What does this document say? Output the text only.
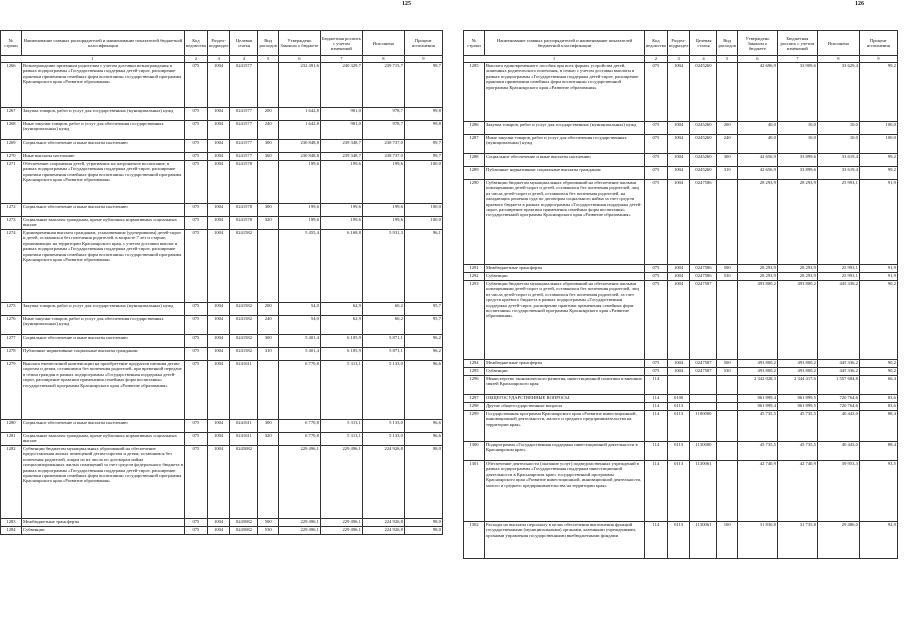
125
№ строки	Наименование главных распорядителей и наименование показателей бюджетной классификации	Код ведомства	Раздел-подраздел	Целевая статья	Вид расходов	Утверждено Законом о бюджете	Бюджетная роспись с учетом изменений	Исполнено	Процент исполнения
1		2	3	4	5	6	7	8	9
1266	Вознаграждение приемным родителям с учетом доставки вознаграждения в рамках подпрограммы «Государственная поддержка детей-сирот, расширение практики применения семейных форм воспитания» государственной программы Красноярского края «Развитие образования»	075	1004	0241577		232 491,6	240 329,7	239 715,7	99,7
1267	Закупка товаров, работ и услуг для государственных (муниципальных) нужд	075	1004	0241577	200	1 642,8	981,0	978,7	99,8
1268	Иные закупки товаров, работ и услуг для обеспечения государственных (муниципальных) нужд	075	1004	0241577	240	1 642,8	981,0	978,7	99,8
1269	Социальное обеспечение и иные выплаты населению	075	1004	0241577	300	230 848,8	239 348,7	238 737,0	99,7
1270	Иные выплаты населению	075	1004	0241577	360	230 848,8	239 348,7	238 737,0	99,7
1271	Обеспечение сохранения детей, утративших на патронатное воспитание, в рамках подпрограммы «Государственная поддержка детей-сирот, расширение практики применения семейных форм воспитания» государственной программы Красноярского края «Развитие образования»	075	1004	0241578		199,6	199,6	199,6	100,0
1272	Социальное обеспечение и иные выплаты населению	075	1004	0241578	300	199,6	199,6	199,6	100,0
1273	Социальные выплаты гражданам, кроме публичных нормативных социальных выплат	075	1004	0241578	320	199,6	199,6	199,6	100,0
1274	Единовременная выплата гражданам, усыновившим (удочерившим) детей-сирот и детей, оставшихся без попечения родителей, в возрасте 7 лет и старше, проживающих на территории Красноярского края, с учетом доставки выплат в рамках подпрограммы «Государственная поддержка детей-сирот, расширение практики применения семейных форм воспитания» государственной программы Красноярского края «Развитие образования»	075	1004	0241582		5 455,4	6 168,8	5 931,3	96,1
1275	Закупка товаров, работ и услуг для государственных (муниципальных) нужд	075	1004	0241582	200	54,0	62,9	60,2	95,7
1276	Иные закупки товаров, работ и услуг для обеспечения государственных (муниципальных) нужд	075	1004	0241582	240	54,0	62,9	60,2	95,7
1277	Социальное обеспечение и иные выплаты населению	075	1004	0241582	300	5 401,4	6 105,9	5 871,1	96,2
1278	Публичные нормативные социальные выплаты гражданам	075	1004	0241582	310	5 401,4	6 105,9	5 871,1	96,2
1279	Выплата ежемесячной компенсации на приобретение продуктов питания детям-сиротам и детям, оставшимся без попечения родителей, при временной передаче в семьи граждан в рамках подпрограммы «Государственная поддержка детей-сирот, расширение практики применения семейных форм воспитания» государственной программы Красноярского края «Развитие образования»	075	1004	0241611		6 770,8	5 313,1	5 133,0	96,6
1280	Социальное обеспечение и иные выплаты населению	075	1004	0241611	300	6 770,8	5 313,1	5 133,0	96,6
1281	Социальные выплаты гражданам, кроме публичных нормативных социальных выплат	075	1004	0241611	320	6 770,8	5 313,1	5 133,0	96,6
1282	Субвенции бюджетам муниципальных образований на обеспечение предоставления жилых помещений детям-сиротам и детям, оставшимся без попечения родителей, лицам из их числа по договорам найма специализированных жилых помещений за счет средств федерального бюджета в рамках подпрограммы «Государственная поддержка детей-сирот, расширение практики применения семейных форм воспитания» государственной программы Красноярского края «Развитие образования»	075	1004	0245082		229 496,1	229 496,1	224 926,8	98,0
1283	Межбюджетные трансферты	075	1004	0245082	500	229 496,1	229 496,1	224 926,8	98,0
1284	Субвенции	075	1004	0245082	530	229 496,1	229 496,1	224 926,8	98,0
126
№ строки	Наименование главных распорядителей и наименование показателей бюджетной классификации	Код ведомства	Раздел-подраздел	Целевая статья	Вид расходов	Утверждено Законом о бюджете	Бюджетная роспись с учетом изменений	Исполнено	Процент исполнения
1		2	3	4	5	6	7	8	9
1285	Выплата единовременного пособия при всех формах устройства детей, лишенных родительского попечения, в семью с учетом доставки выплаты в рамках подпрограммы «Государственная поддержка детей-сирот, расширение практики применения семейных форм воспитания» государственной программы Красноярского края «Развитие образования»	075	1004	0245260		42 696,9	33 909,6	33 629,4	99,2
1286	Закупка товаров, работ и услуг для государственных (муниципальных) нужд	075	1004	0245260	200	40,0	10,0	10,0	100,0
1287	Иные закупки товаров, работ и услуг для обеспечения государственных (муниципальных) нужд	075	1004	0245260	240	40,0	10,0	10,0	100,0
1288	Социальное обеспечение и иные выплаты населению	075	1004	0245260	300	42 656,9	33 899,6	33 619,4	99,2
1289	Публичные нормативные социальные выплаты гражданам	075	1004	0245260	310	42 656,9	33 899,6	33 619,4	99,2
1290	Субвенции бюджетам муниципальных образований на обеспечение жилыми помещениями детей-сирот и детей, оставшихся без попечения родителей, лиц из числа детей-сирот и детей, оставшихся без попечения родителей, на ожидающих решения суда по договорам социального найма за счет средств краевого бюджета в рамках подпрограммы «Государственная поддержка детей-сирот, расширение практики применения семейных форм воспитания» государственной программы Красноярского края «Развитие образования»	075	1004	0247586		28 293,9	28 293,9	25 993,1	91,9
1291	Межбюджетные трансферты	075	1004	0247586	500	28 293,9	28 293,9	25 993,1	91,9
1292	Субвенции	075	1004	0247586	530	28 293,9	28 293,9	25 993,1	91,9
1293	Субвенции бюджетам муниципальных образований на обеспечение жилыми помещениями детей-сирот и детей, оставшихся без попечения родителей, лиц из числа детей-сирот и детей, оставшихся без попечения родителей, за счет средств краевого бюджета в рамках подпрограммы «Государственная поддержка детей-сирот, расширение практики применения семейных форм воспитания» государственной программы Красноярского края «Развитие образования»	075	1004	0247587		493 800,2	493 800,2	445 336,2	90,2
1294	Межбюджетные трансферты	075	1004	0247587	500	493 800,2	493 800,2	445 336,2	90,2
1295	Субвенции	075	1004	0247587	530	493 800,2	493 800,2	445 336,2	90,2
1296	Министерство экономического развития, инвестиционной политики и внешних связей Красноярского края	114				2 342 028,3	2 344 417,6	1 557 684,8	66,4
1297	ОБЩЕГОСУДАРСТВЕННЫЕ ВОПРОСЫ	114	0100			861 899,4	861 899,5	720 764,6	83,6
1298	Другие общегосударственные вопросы	114	0113			861 899,4	861 899,5	720 764,6	83,6
1299	Государственная программа Красноярского края «Развитие инвестиционной, инновационной деятельности, малого и среднего предпринимательства на территории края»	114	0113	1100000		45 735,5	45 735,5	40 443,0	88,4
1300	Подпрограмма «Государственная поддержка инвестиционной деятельности в Красноярском крае»	114	0113	1130000		45 735,5	45 735,5	40 443,0	88,4
1301	Обеспечение деятельности (оказание услуг) подведомственных учреждений в рамках подпрограммы «Государственная поддержка инвестиционной деятельности в Красноярском крае» государственной программы Красноярского края «Развитие инвестиционной, инновационной деятельности, малого и среднего предпринимательства на территории края»	114	0113	1130061		42 740,9	42 740,9	39 953,3	93,5
1302	Расходы на выплаты персоналу в целях обеспечения выполнения функций государственными (муниципальными) органами, казенными учреждениями, органами управления государственными внебюджетными фондами	114	0113	1130061	100	31 830,8	31 735,8	29 486,0	92,9
